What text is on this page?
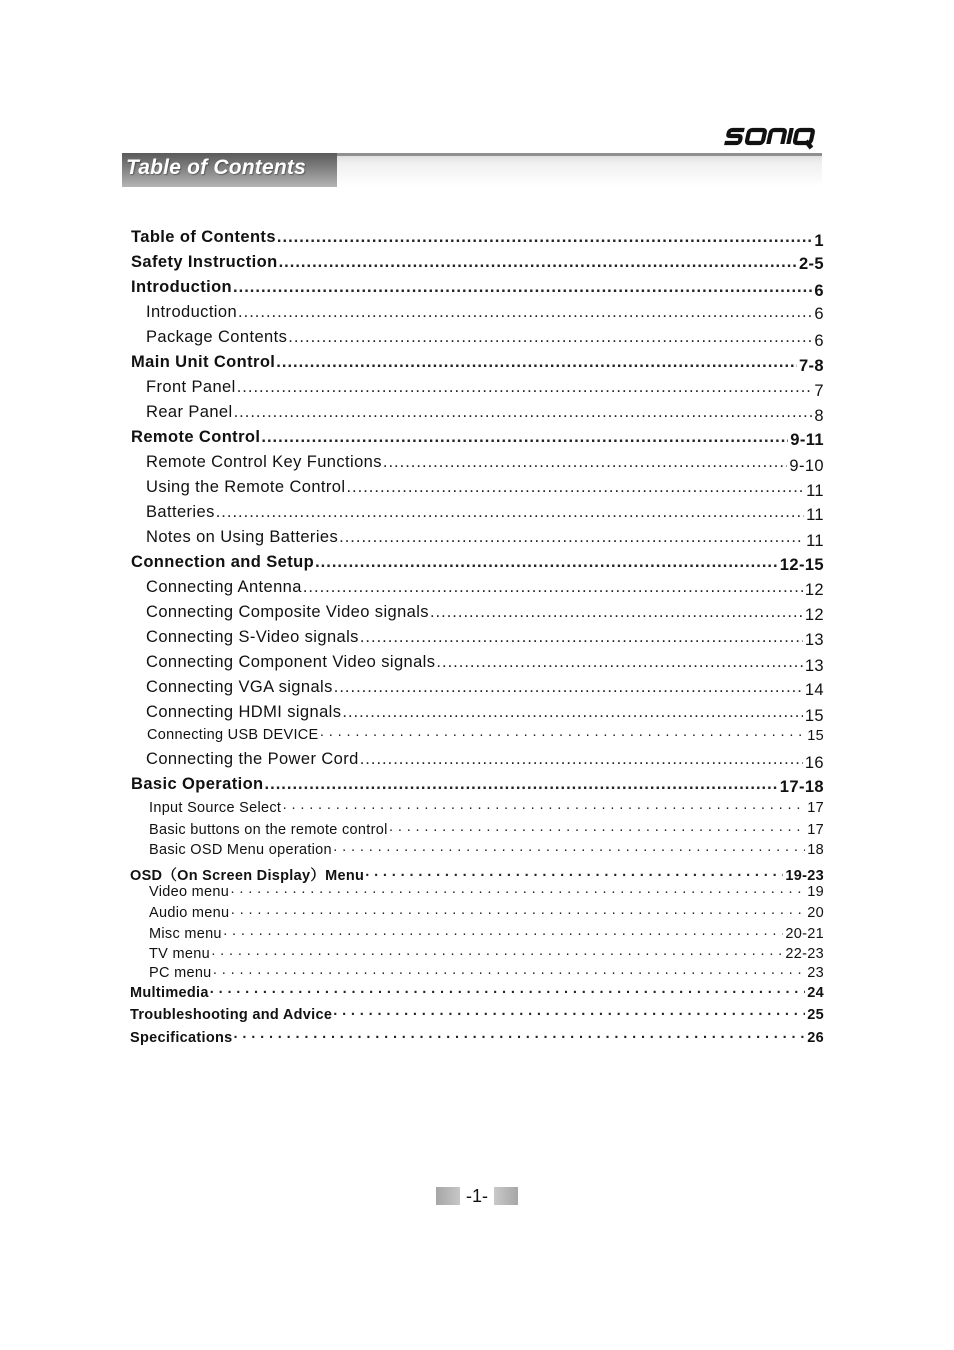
Table of Contents
Table of Contents .....	1
Safety Instruction .....	2-5
Introduction .....	6
Introduction .....	6
Package Contents .....	6
Main Unit Control .....	7-8
Front Panel .....	7
Rear Panel .....	8
Remote Control .....	9-11
Remote Control Key Functions .....	9-10
Using the Remote Control .....	11
Batteries .....	11
Notes on Using Batteries .....	11
Connection and Setup .....	12-15
Connecting Antenna .....	12
Connecting Composite Video signals .....	12
Connecting S-Video signals .....	13
Connecting Component Video signals .....	13
Connecting VGA signals .....	14
Connecting HDMI signals .....	15
Connecting USB DEVICE · · ·	15
Connecting the Power Cord .....	16
Basic Operation .....	17-18
Input Source Select · · ·	17
Basic buttons on the remote control · · ·	17
Basic OSD Menu operation · · ·	18
OSD（On Screen Display）Menu · · ·	19-23
Video menu · · ·	19
Audio menu · · ·	20
Misc menu · · ·	20-21
TV menu · · ·	22-23
PC menu · · ·	23
Multimedia · · ·	24
Troubleshooting and Advice · · ·	25
Specifications · · ·	26
-1-
